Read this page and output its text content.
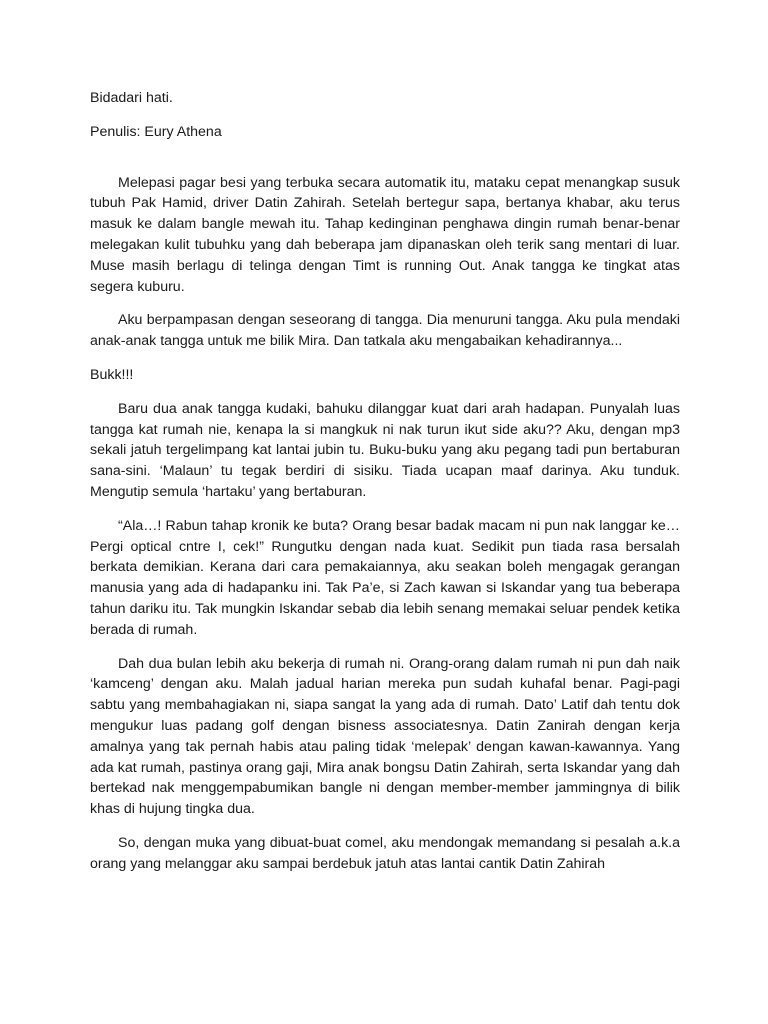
Bidadari hati.

Penulis: Eury Athena

Melepasi pagar besi yang terbuka secara automatik itu, mataku cepat menangkap susuk tubuh Pak Hamid, driver Datin Zahirah. Setelah bertegur sapa, bertanya khabar, aku terus masuk ke dalam bangle mewah itu. Tahap kedinginan penghawa dingin rumah benar-benar melegakan kulit tubuhku yang dah beberapa jam dipanaskan oleh terik sang mentari di luar. Muse masih berlagu di telinga dengan Timt is running Out. Anak tangga ke tingkat atas segera kuburu.

Aku berpampasan dengan seseorang di tangga. Dia menuruni tangga. Aku pula mendaki anak-anak tangga untuk me bilik Mira. Dan tatkala aku mengabaikan kehadirannya...

Bukk!!!

Baru dua anak tangga kudaki, bahuku dilanggar kuat dari arah hadapan. Punyalah luas tangga kat rumah nie, kenapa la si mangkuk ni nak turun ikut side aku?? Aku, dengan mp3 sekali jatuh tergelimpang kat lantai jubin tu. Buku-buku yang aku pegang tadi pun bertaburan sana-sini. ‘Malaun’ tu tegak berdiri di sisiku. Tiada ucapan maaf darinya. Aku tunduk. Mengutip semula ‘hartaku’ yang bertaburan.

“Ala…! Rabun tahap kronik ke buta? Orang besar badak macam ni pun nak langgar ke… Pergi optical cntre I, cek!” Rungutku dengan nada kuat. Sedikit pun tiada rasa bersalah berkata demikian. Kerana dari cara pemakaiannya, aku seakan boleh mengagak gerangan manusia yang ada di hadapanku ini. Tak Pa’e, si Zach kawan si Iskandar yang tua beberapa tahun dariku itu. Tak mungkin Iskandar sebab dia lebih senang memakai seluar pendek ketika berada di rumah.

Dah dua bulan lebih aku bekerja di rumah ni. Orang-orang dalam rumah ni pun dah naik ‘kamceng’ dengan aku. Malah jadual harian mereka pun sudah kuhafal benar. Pagi-pagi sabtu yang membahagiakan ni, siapa sangat la yang ada di rumah. Dato’ Latif dah tentu dok mengukur luas padang golf dengan bisness associatesnya. Datin Zanirah dengan kerja amalnya yang tak pernah habis atau paling tidak ‘melepak’ dengan kawan-kawannya. Yang ada kat rumah, pastinya orang gaji, Mira anak bongsu Datin Zahirah, serta Iskandar yang dah bertekad nak menggempabumikan bangle ni dengan member-member jammingnya di bilik khas di hujung tingka dua.

So, dengan muka yang dibuat-buat comel, aku mendongak memandang si pesalah a.k.a orang yang melanggar aku sampai berdebuk jatuh atas lantai cantik Datin Zahirah
